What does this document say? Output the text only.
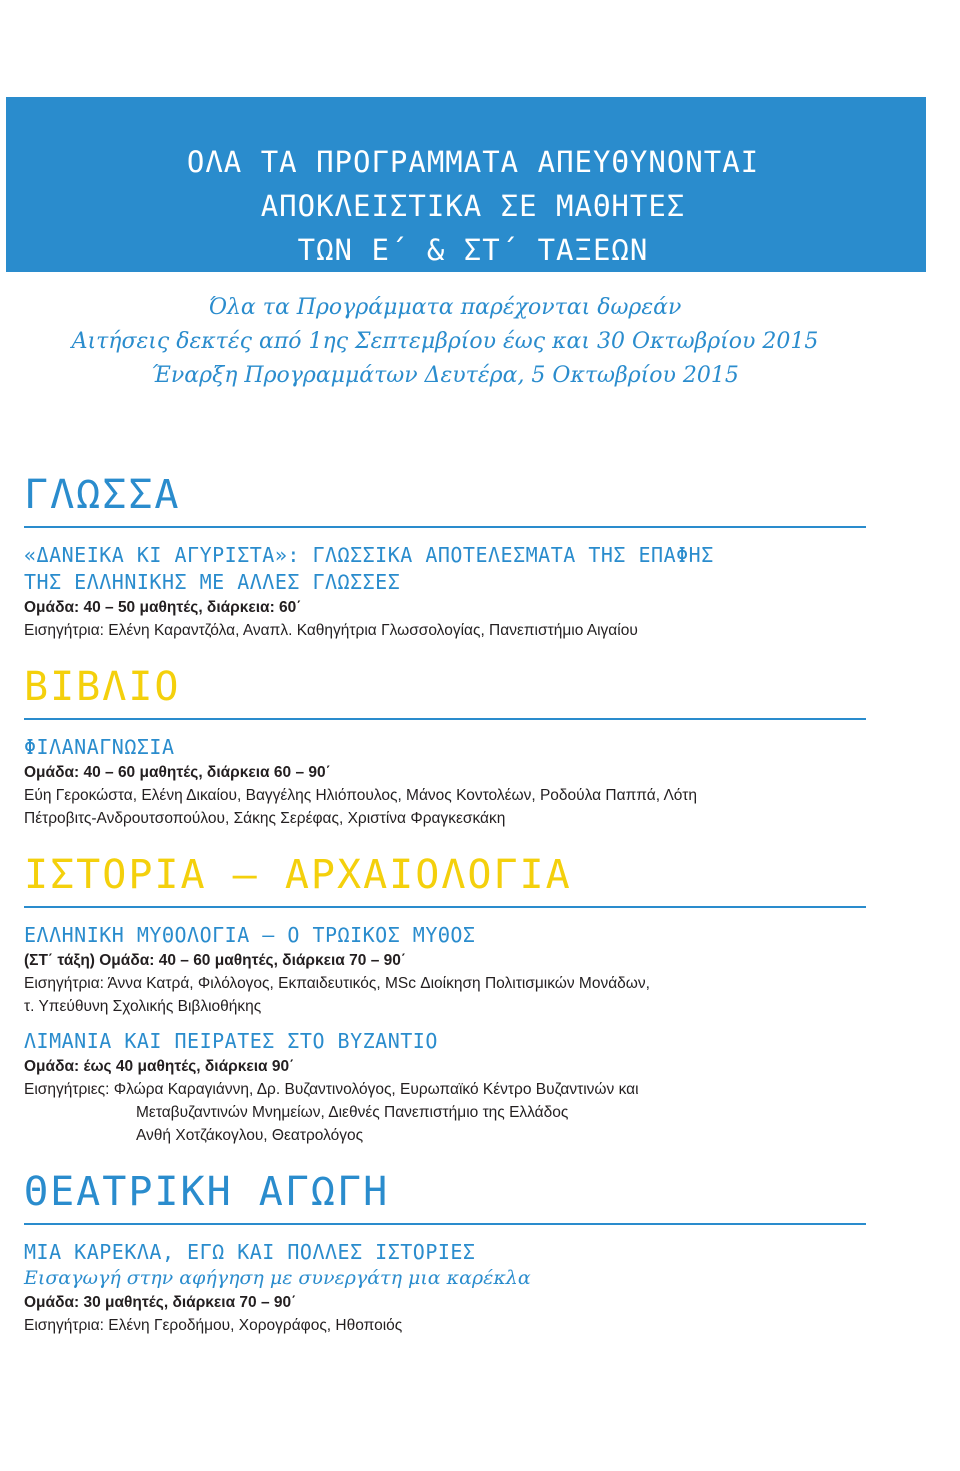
ΟΛΑ ΤΑ ΠΡΟΓΡΑΜΜΑΤΑ ΑΠΕΥΘΥΝΟΝΤΑΙ
ΑΠΟΚΛΕΙΣΤΙΚΑ ΣΕ ΜΑΘΗΤΕΣ
ΤΩΝ Ε΄ & ΣΤ΄ ΤΑΞΕΩΝ
Όλα τα Προγράμματα παρέχονται δωρεάν
Αιτήσεις δεκτές από 1ης Σεπτεμβρίου έως και 30 Οκτωβρίου 2015
Έναρξη Προγραμμάτων Δευτέρα, 5 Οκτωβρίου 2015
ΓΛΩΣΣΑ
«ΔΑΝΕΙΚΑ ΚΙ ΑΓΥΡΙΣΤΑ»: ΓΛΩΣΣΙΚΑ ΑΠΟΤΕΛΕΣΜΑΤΑ ΤΗΣ ΕΠΑΦΗΣ
ΤΗΣ ΕΛΛΗΝΙΚΗΣ ΜΕ ΑΛΛΕΣ ΓΛΩΣΣΕΣ
Ομάδα: 40 – 50 μαθητές, διάρκεια: 60΄
Εισηγήτρια: Ελένη Καραντζόλα, Αναπλ. Καθηγήτρια Γλωσσολογίας, Πανεπιστήμιο Αιγαίου
ΒΙΒΛΙΟ
ΦΙΛΑΝΑΓΝΩΣΙΑ
Ομάδα: 40 – 60 μαθητές, διάρκεια 60 – 90΄
Εύη Γεροκώστα, Ελένη Δικαίου, Βαγγέλης Ηλιόπουλος, Μάνος Κοντολέων, Ροδούλα Παππά, Λότη
Πέτροβιτς-Ανδρουτσοπούλου, Σάκης Σερέφας, Χριστίνα Φραγκεσκάκη
ΙΣΤΟΡΙΑ – ΑΡΧΑΙΟΛΟΓΙΑ
ΕΛΛΗΝΙΚΗ ΜΥΘΟΛΟΓΙΑ – Ο ΤΡΩΙΚΟΣ ΜΥΘΟΣ
(ΣΤ΄ τάξη) Ομάδα: 40 – 60 μαθητές, διάρκεια 70 – 90΄
Εισηγήτρια: Άννα Κατρά, Φιλόλογος, Εκπαιδευτικός, MSc Διοίκηση Πολιτισμικών Μονάδων,
τ. Υπεύθυνη Σχολικής Βιβλιοθήκης
ΛΙΜΑΝΙΑ ΚΑΙ ΠΕΙΡΑΤΕΣ ΣΤΟ ΒΥΖΑΝΤΙΟ
Ομάδα: έως 40 μαθητές, διάρκεια 90΄
Εισηγήτριες: Φλώρα Καραγιάννη, Δρ. Βυζαντινολόγος, Ευρωπαϊκό Κέντρο Βυζαντινών και
Μεταβυζαντινών Μνημείων, Διεθνές Πανεπιστήμιο της Ελλάδος
Ανθή Χοτζάκογλου, Θεατρολόγος
ΘΕΑΤΡΙΚΗ ΑΓΩΓΗ
ΜΙΑ ΚΑΡΕΚΛΑ, ΕΓΩ ΚΑΙ ΠΟΛΛΕΣ ΙΣΤΟΡΙΕΣ
Εισαγωγή στην αφήγηση με συνεργάτη μια καρέκλα
Ομάδα: 30 μαθητές, διάρκεια 70 – 90΄
Εισηγήτρια: Ελένη Γεροδήμου, Χορογράφος, Ηθοποιός
